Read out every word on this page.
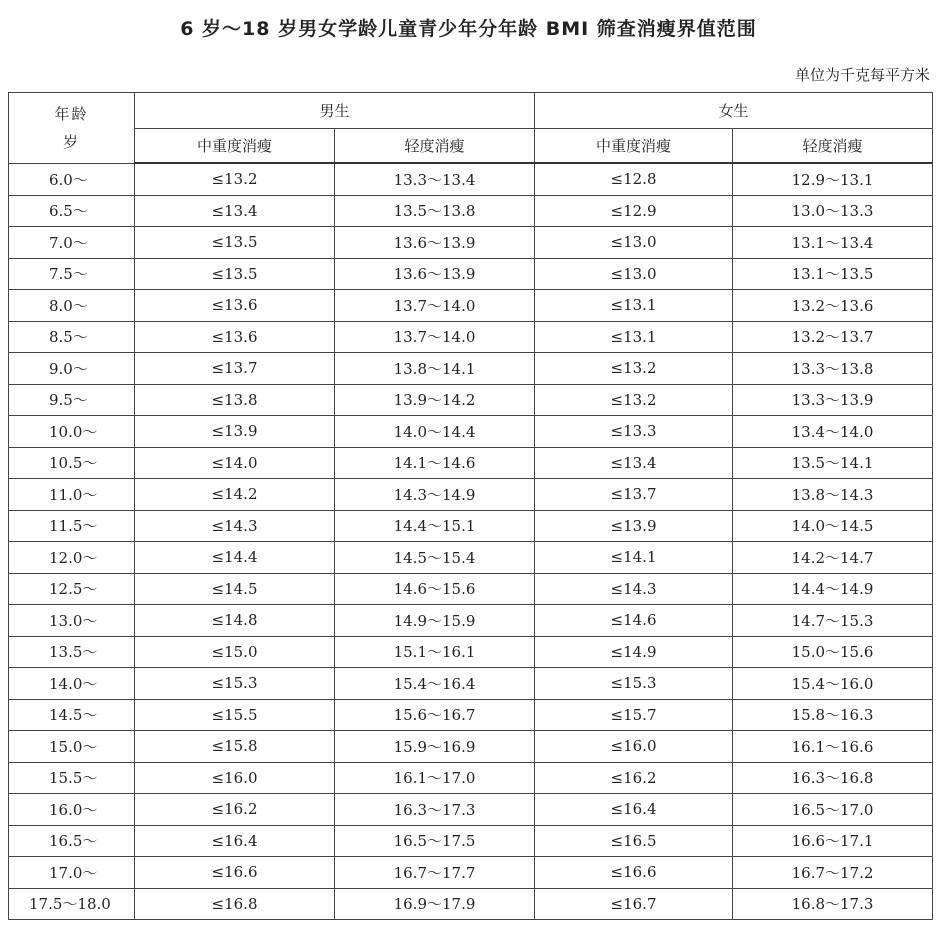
6 岁～18 岁男女学龄儿童青少年分年龄 BMI 筛查消瘦界值范围
单位为千克每平方米
年龄
岁	男生		女生	
	中重度消瘦	轻度消瘦	中重度消瘦	轻度消瘦
6.0～	≤13.2	13.3～13.4	≤12.8	12.9～13.1
6.5～	≤13.4	13.5～13.8	≤12.9	13.0～13.3
7.0～	≤13.5	13.6～13.9	≤13.0	13.1～13.4
7.5～	≤13.5	13.6～13.9	≤13.0	13.1～13.5
8.0～	≤13.6	13.7～14.0	≤13.1	13.2～13.6
8.5～	≤13.6	13.7～14.0	≤13.1	13.2～13.7
9.0～	≤13.7	13.8～14.1	≤13.2	13.3～13.8
9.5～	≤13.8	13.9～14.2	≤13.2	13.3～13.9
10.0～	≤13.9	14.0～14.4	≤13.3	13.4～14.0
10.5～	≤14.0	14.1～14.6	≤13.4	13.5～14.1
11.0～	≤14.2	14.3～14.9	≤13.7	13.8～14.3
11.5～	≤14.3	14.4～15.1	≤13.9	14.0～14.5
12.0～	≤14.4	14.5～15.4	≤14.1	14.2～14.7
12.5～	≤14.5	14.6～15.6	≤14.3	14.4～14.9
13.0～	≤14.8	14.9～15.9	≤14.6	14.7～15.3
13.5～	≤15.0	15.1～16.1	≤14.9	15.0～15.6
14.0～	≤15.3	15.4～16.4	≤15.3	15.4～16.0
14.5～	≤15.5	15.6～16.7	≤15.7	15.8～16.3
15.0～	≤15.8	15.9～16.9	≤16.0	16.1～16.6
15.5～	≤16.0	16.1～17.0	≤16.2	16.3～16.8
16.0～	≤16.2	16.3～17.3	≤16.4	16.5～17.0
16.5～	≤16.4	16.5～17.5	≤16.5	16.6～17.1
17.0～	≤16.6	16.7～17.7	≤16.6	16.7～17.2
17.5～18.0	≤16.8	16.9～17.9	≤16.7	16.8～17.3
